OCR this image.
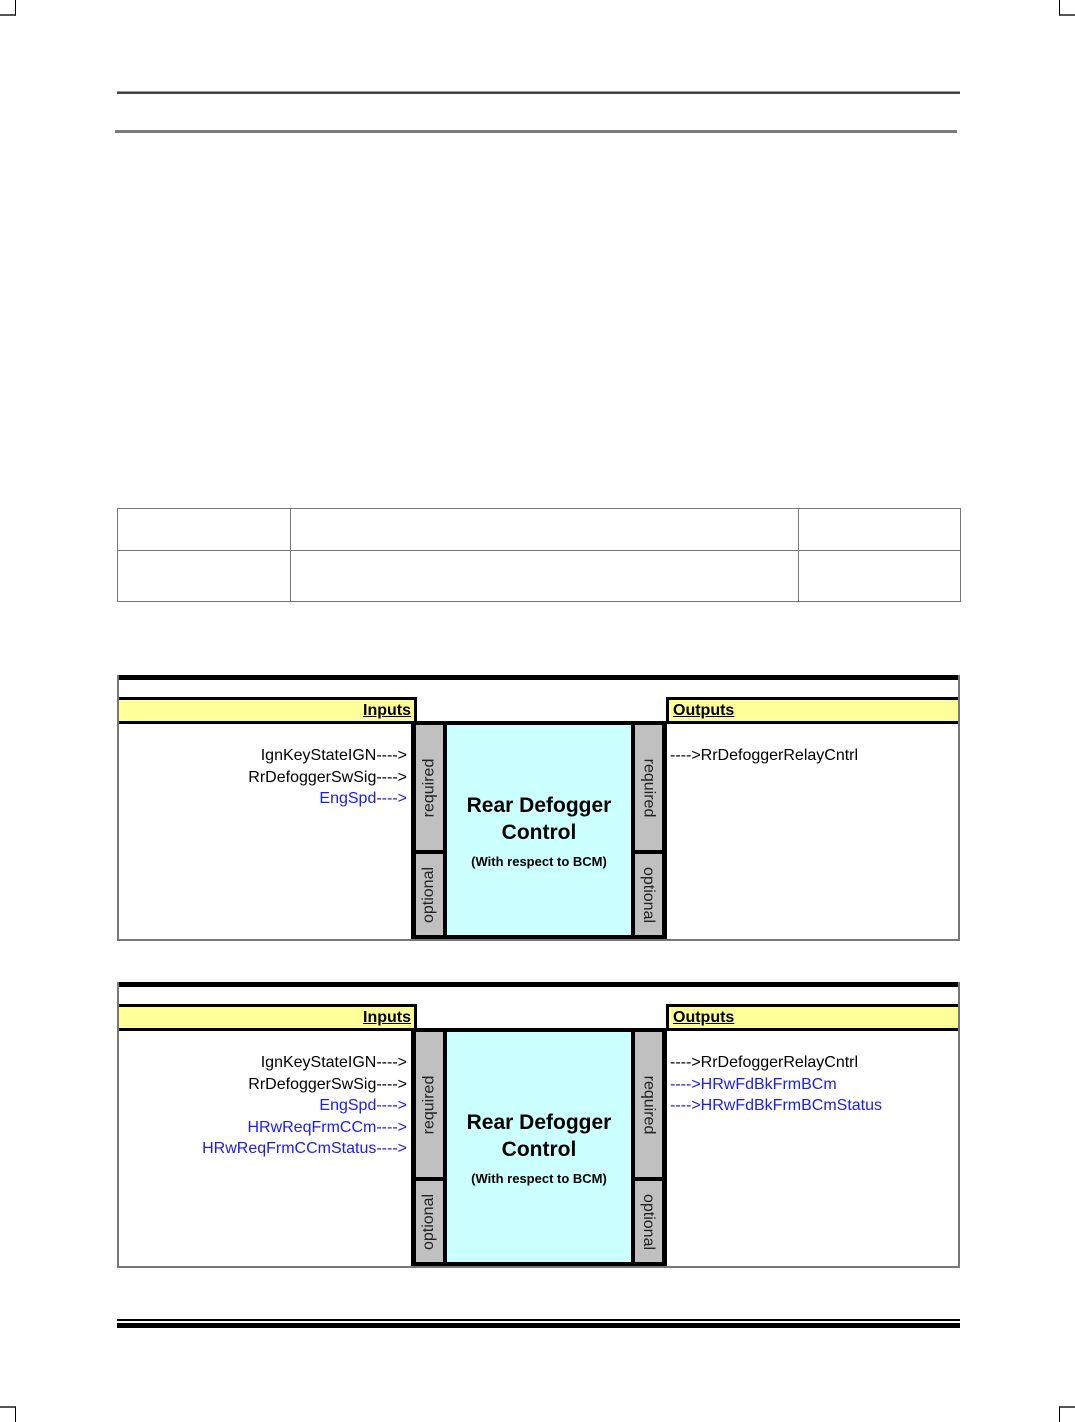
Inputs	Outputs
IgnKeyStateIGN---->
RrDefoggerSwSig---->
EngSpd---->
---->RrDefoggerRelayCntrl
required
optional
Rear Defogger
Control
(With respect to BCM)
required
optional
Inputs	Outputs
IgnKeyStateIGN---->
RrDefoggerSwSig---->
EngSpd---->
HRwReqFrmCCm---->
HRwReqFrmCCmStatus---->
---->RrDefoggerRelayCntrl
---->HRwFdBkFrmBCm
---->HRwFdBkFrmBCmStatus
required
optional
Rear Defogger
Control
(With respect to BCM)
required
optional
